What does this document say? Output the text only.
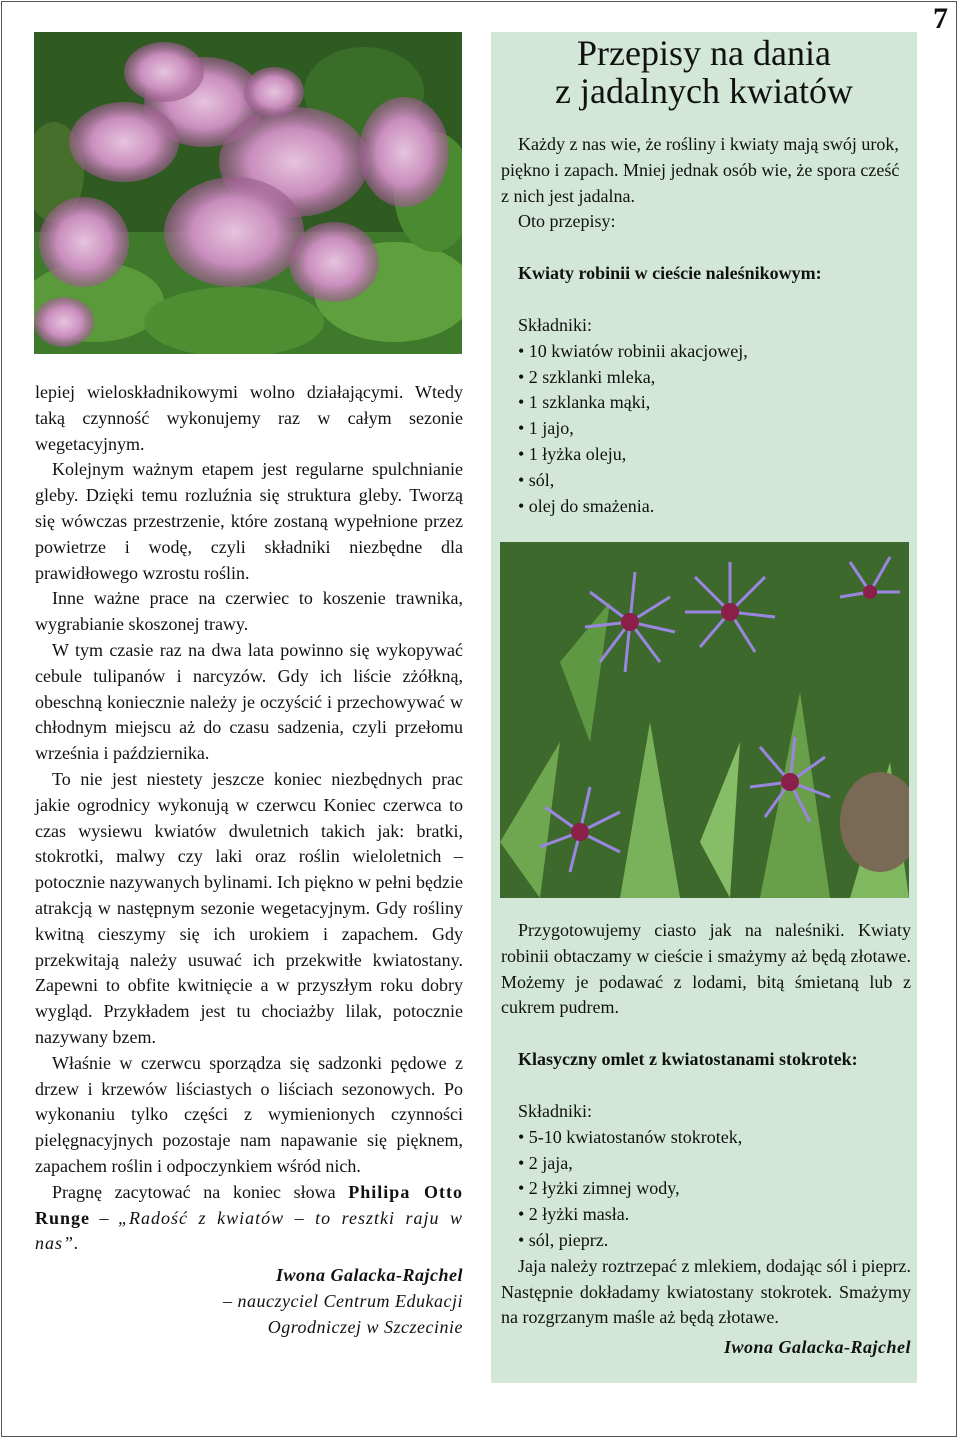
7

lepiej wieloskładnikowymi wolno działającymi. Wtedy taką czynność wykonujemy raz w całym sezonie wegetacyjnym.

Kolejnym ważnym etapem jest regularne spulchnianie gleby. Dzięki temu rozluźnia się struktura gleby. Tworzą się wówczas przestrzenie, które zostaną wypełnione przez powietrze i wodę, czyli składniki niezbędne dla prawidłowego wzrostu roślin.

Inne ważne prace na czerwiec to koszenie trawnika, wygrabianie skoszonej trawy.

W tym czasie raz na dwa lata powinno się wykopywać cebule tulipanów i narcyzów. Gdy ich liście zżółkną, obeschną koniecznie należy je oczyścić i przechowywać w chłodnym miejscu aż do czasu sadzenia, czyli przełomu września i października.

To nie jest niestety jeszcze koniec niezbędnych prac jakie ogrodnicy wykonują w czerwcu Koniec czerwca to czas wysiewu kwiatów dwuletnich takich jak: bratki, stokrotki, malwy czy laki oraz roślin wieloletnich – potocznie nazywanych bylinami. Ich piękno w pełni będzie atrakcją w następnym sezonie wegetacyjnym. Gdy rośliny kwitną cieszymy się ich urokiem i zapachem. Gdy przekwitają należy usuwać ich przekwitłe kwiatostany. Zapewni to obfite kwitnięcie a w przyszłym roku dobry wygląd. Przykładem jest tu chociażby lilak, potocznie nazywany bzem.

Właśnie w czerwcu sporządza się sadzonki pędowe z drzew i krzewów liściastych o liściach sezonowych. Po wykonaniu tylko części z wymienionych czynności pielęgnacyjnych pozostaje nam napawanie się pięknem, zapachem roślin i odpoczynkiem wśród nich.

Pragnę zacytować na koniec słowa Philipa Otto Runge – „Radość z kwiatów – to resztki raju w nas”.

Iwona Galacka-Rajchel

– nauczyciel Centrum Edukacji

Ogrodniczej w Szczecinie

Przepisy na dania
z jadalnych kwiatów

Każdy z nas wie, że rośliny i kwiaty mają swój urok, piękno i zapach. Mniej jednak osób wie, że spora cześć z nich jest jadalna.

Oto przepisy:

Kwiaty robinii w cieście naleśnikowym:

Składniki:

• 10 kwiatów robinii akacjowej,
• 2 szklanki mleka,
• 1 szklanka mąki,
• 1 jajo,
• 1 łyżka oleju,
• sól,
• olej do smażenia.

Przygotowujemy ciasto jak na naleśniki. Kwiaty robinii obtaczamy w cieście i smażymy aż będą złotawe. Możemy je podawać z lodami, bitą śmietaną lub z cukrem pudrem.

Klasyczny omlet z kwiatostanami stokrotek:

Składniki:

• 5-10 kwiatostanów stokrotek,
• 2 jaja,
• 2 łyżki zimnej wody,
• 2 łyżki masła.
• sól, pieprz.

Jaja należy roztrzepać z mlekiem, dodając sól i pieprz. Następnie dokładamy kwiatostany stokrotek. Smażymy na rozgrzanym maśle aż będą złotawe.

Iwona Galacka-Rajchel
